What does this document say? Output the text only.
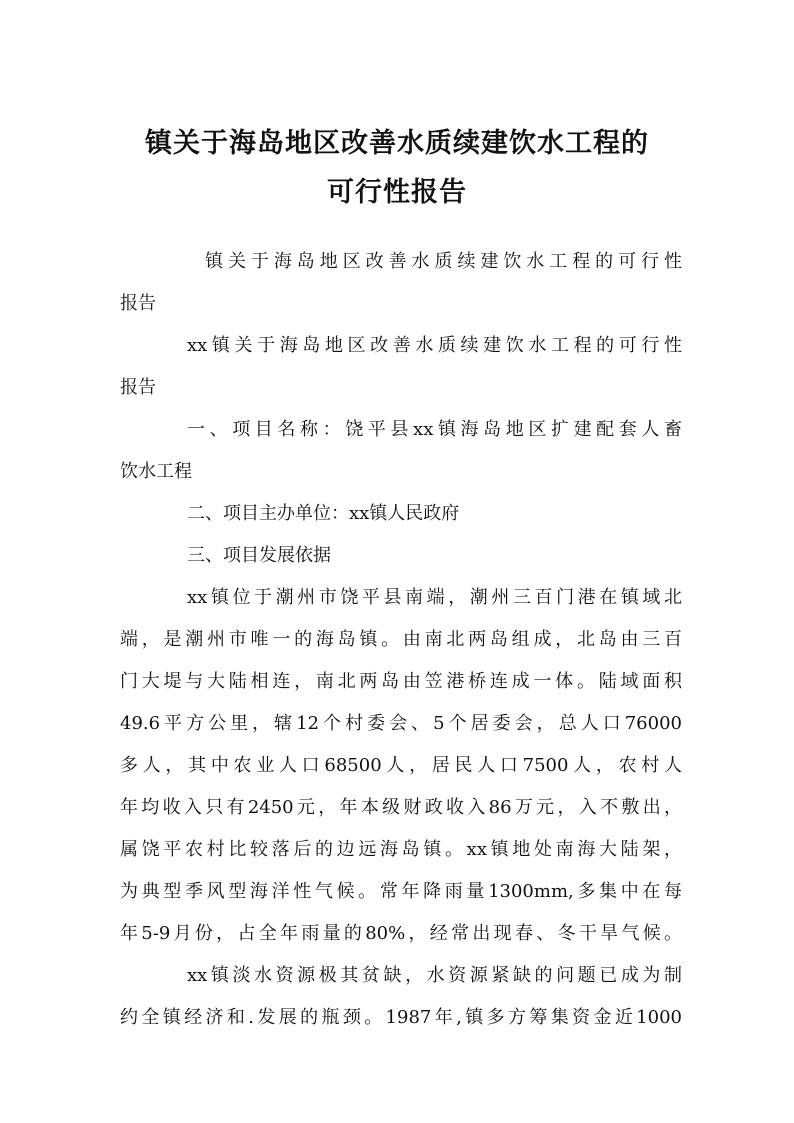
镇关于海岛地区改善水质续建饮水工程的
可行性报告
镇关于海岛地区改善水质续建饮水工程的可行性
报告
xx镇关于海岛地区改善水质续建饮水工程的可行性
报告
一、项目名称：饶平县xx镇海岛地区扩建配套人畜
饮水工程
二、项目主办单位：xx镇人民政府
三、项目发展依据
xx镇位于潮州市饶平县南端，潮州三百门港在镇域北
端，是潮州市唯一的海岛镇。由南北两岛组成，北岛由三百
门大堤与大陆相连，南北两岛由笠港桥连成一体。陆域面积
49.6平方公里，辖12个村委会、5个居委会，总人口76000
多人，其中农业人口68500人，居民人口7500人，农村人
年均收入只有2450元，年本级财政收入86万元，入不敷出，
属饶平农村比较落后的边远海岛镇。xx镇地处南海大陆架，
为典型季风型海洋性气候。常年降雨量1300mm,多集中在每
年5-9月份，占全年雨量的80%，经常出现春、冬干旱气候。
xx镇淡水资源极其贫缺，水资源紧缺的问题已成为制
约全镇经济和.发展的瓶颈。1987年,镇多方筹集资金近1000
